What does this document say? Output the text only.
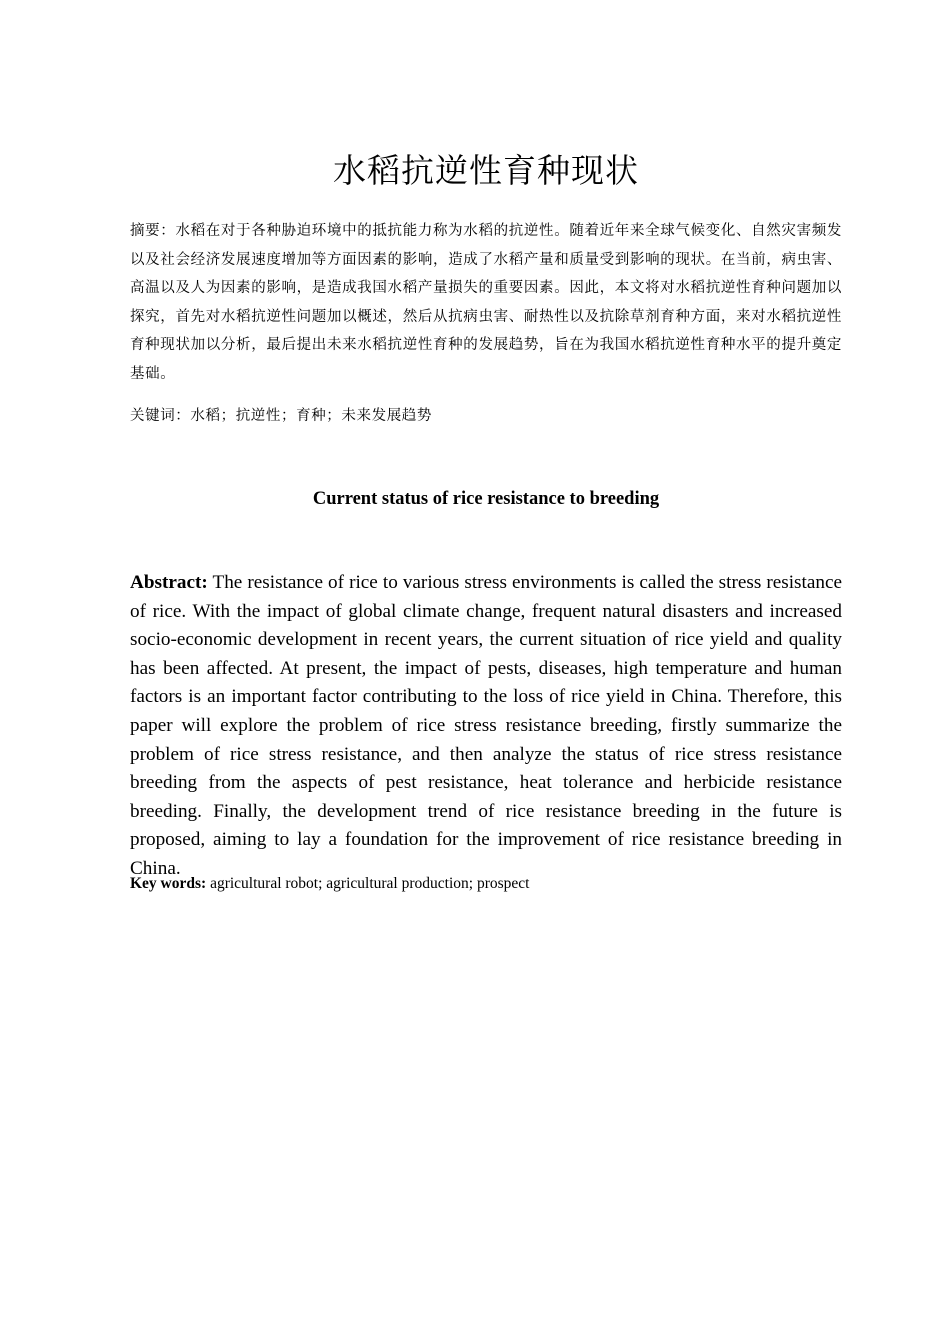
水稻抗逆性育种现状
摘要：水稻在对于各种胁迫环境中的抵抗能力称为水稻的抗逆性。随着近年来全球气候变化、自然灾害频发以及社会经济发展速度增加等方面因素的影响，造成了水稻产量和质量受到影响的现状。在当前，病虫害、高温以及人为因素的影响，是造成我国水稻产量损失的重要因素。因此，本文将对水稻抗逆性育种问题加以探究，首先对水稻抗逆性问题加以概述，然后从抗病虫害、耐热性以及抗除草剂育种方面，来对水稻抗逆性育种现状加以分析，最后提出未来水稻抗逆性育种的发展趋势，旨在为我国水稻抗逆性育种水平的提升奠定基础。
关键词：水稻；抗逆性；育种；未来发展趋势
Current status of rice resistance to breeding
Abstract: The resistance of rice to various stress environments is called the stress resistance of rice. With the impact of global climate change, frequent natural disasters and increased socio-economic development in recent years, the current situation of rice yield and quality has been affected. At present, the impact of pests, diseases, high temperature and human factors is an important factor contributing to the loss of rice yield in China. Therefore, this paper will explore the problem of rice stress resistance breeding, firstly summarize the problem of rice stress resistance, and then analyze the status of rice stress resistance breeding from the aspects of pest resistance, heat tolerance and herbicide resistance breeding. Finally, the development trend of rice resistance breeding in the future is proposed, aiming to lay a foundation for the improvement of rice resistance breeding in China.
Key words: agricultural robot; agricultural production; prospect
